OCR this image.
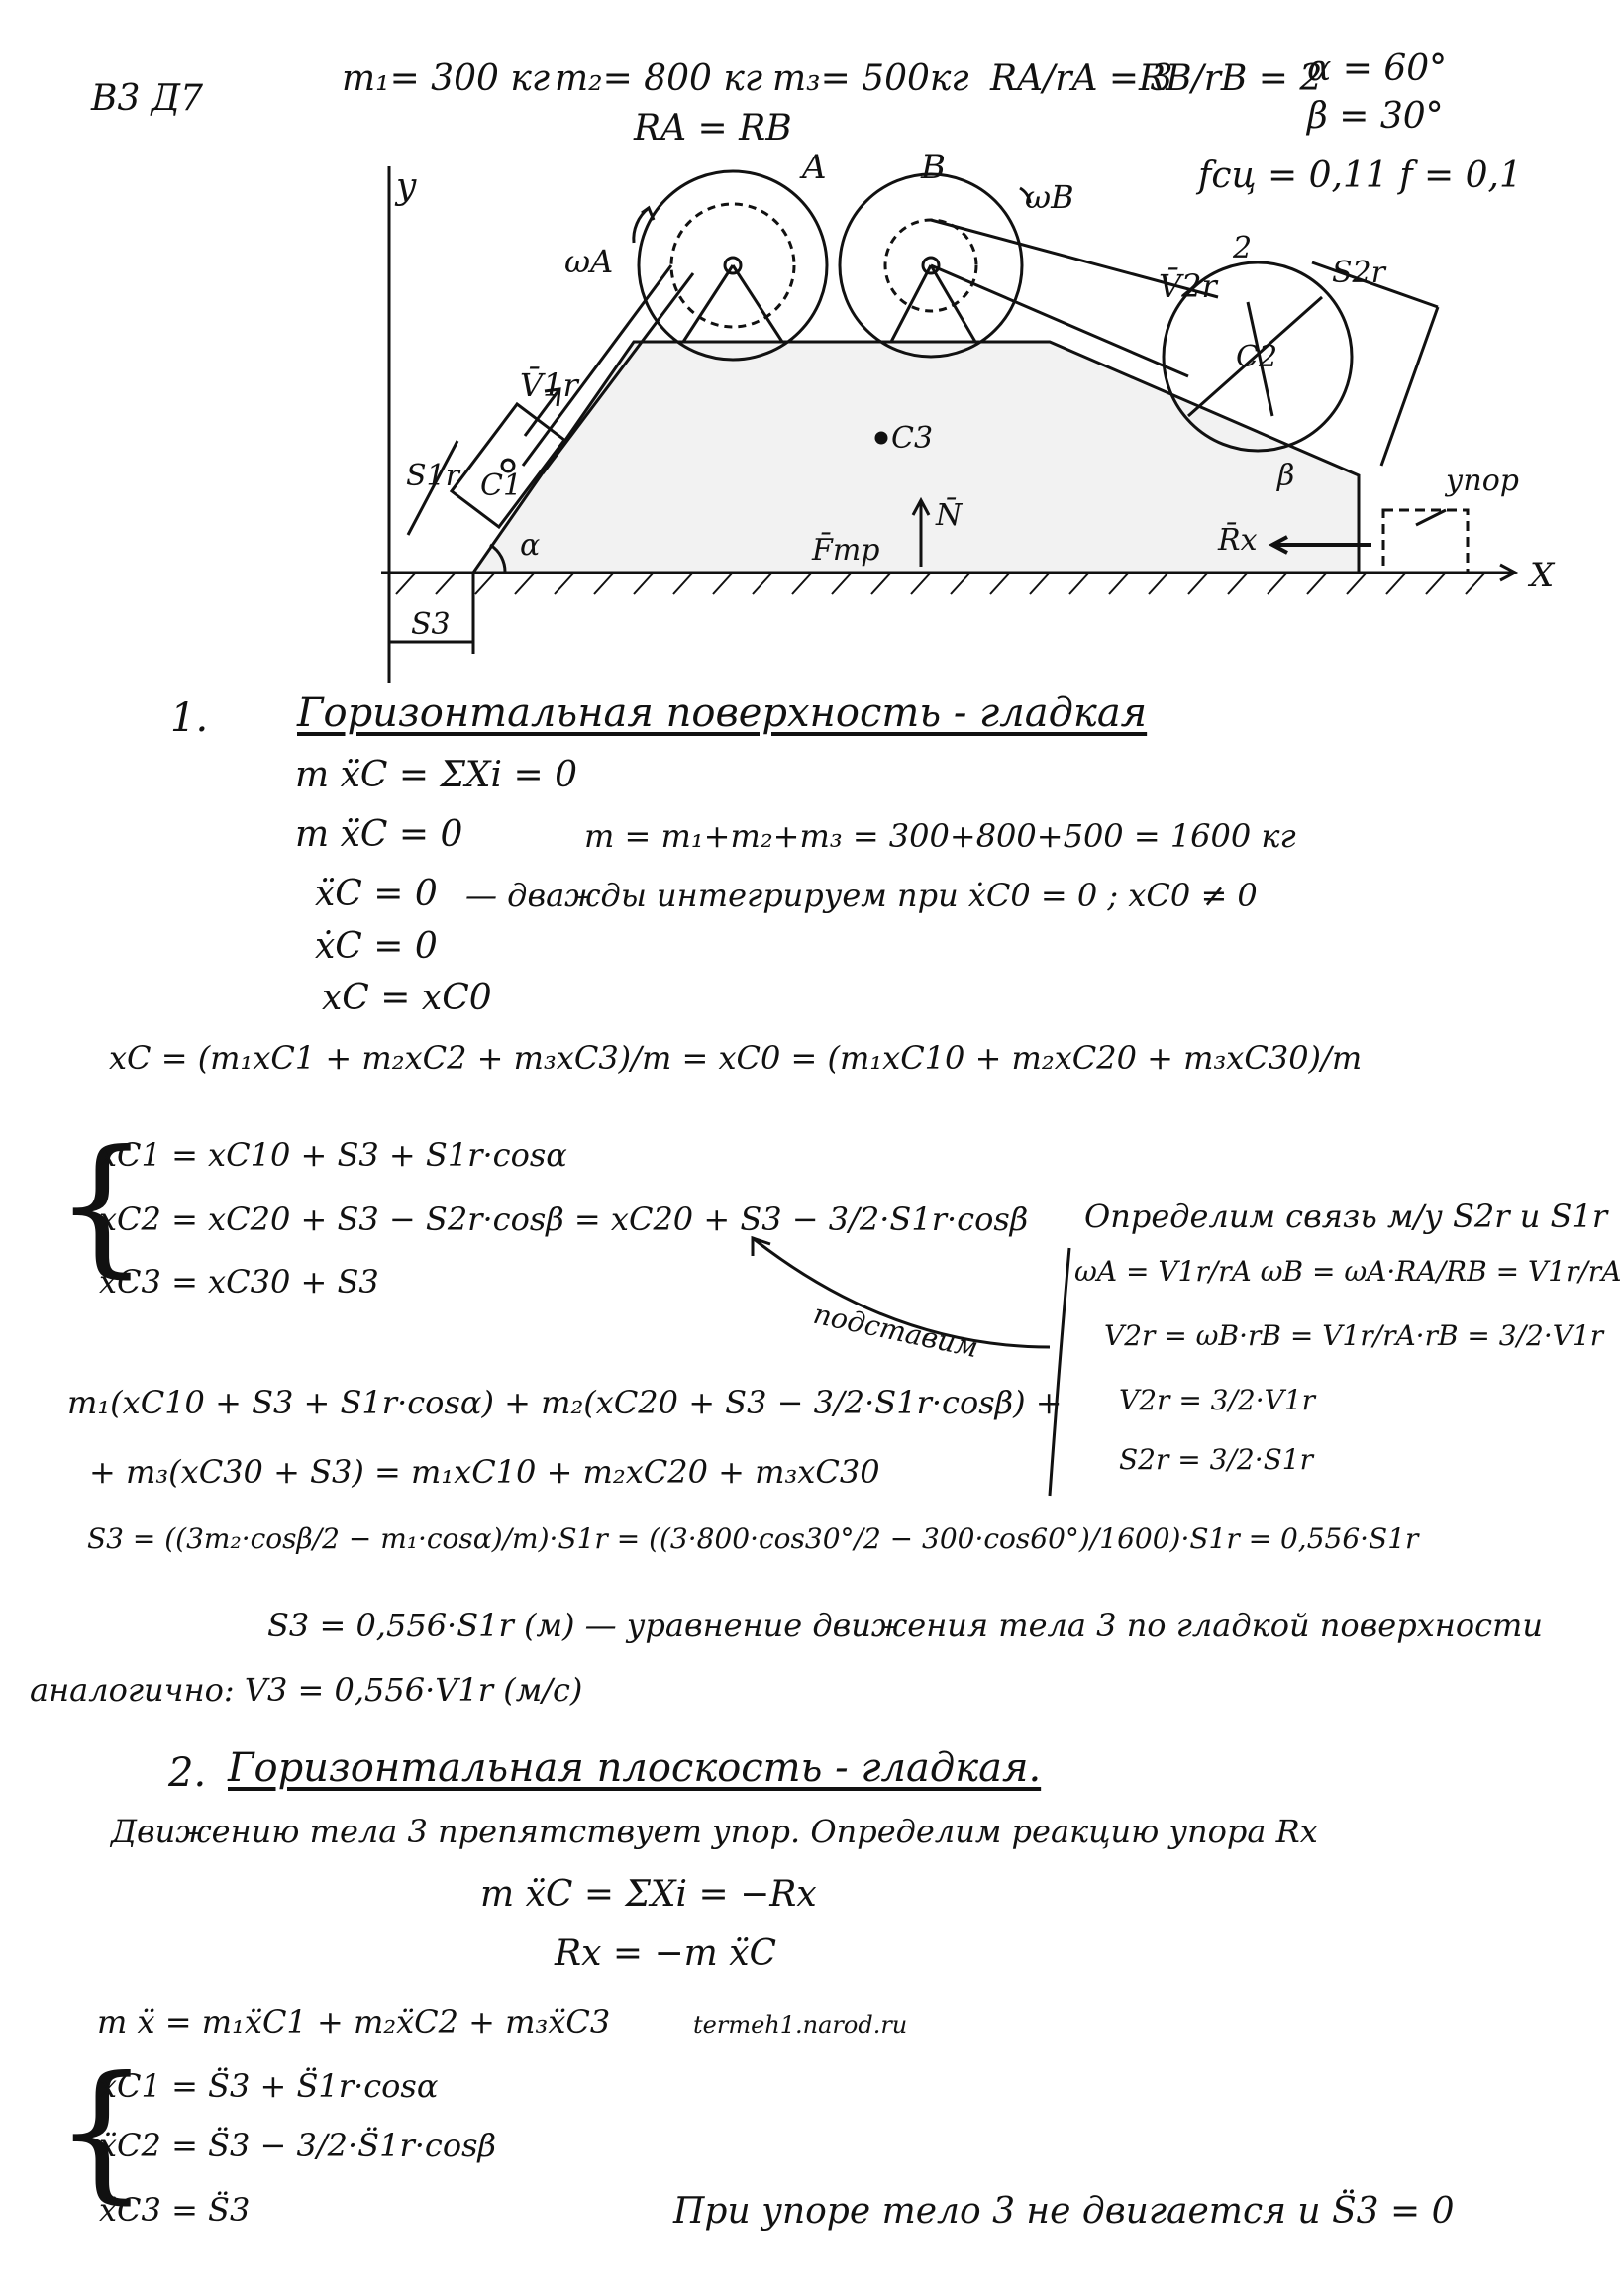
B3 Д7	m₁= 300 кг m₂= 800 кг m₃= 500кг RA/rA = 3
RB/rB = 2
α = 60°
β = 30°
RA = RB
fсц = 0,11 f = 0,1
y
X
A	B
ωA
ωB
V̄1r
V̄2r
S1r
S2r
S3
C1
C2
C3
2
α
β
F̄тр
N̄
R̄x
упор
1. Горизонтальная поверхность - гладкая
m ẍC = ΣXi = 0
m ẍC = 0	m = m₁+m₂+m₃ = 300+800+500 = 1600 кг
ẍC = 0 — дважды интегрируем при ẋC0 = 0 ; xC0 ≠ 0
ẋC = 0
xC = xC0
xC = (m₁xC1 + m₂xC2 + m₃xC3)/m = xC0 = (m₁xC10 + m₂xC20 + m₃xC30)/m
{
xC1 = xC10 + S3 + S1r·cosα
xC2 = xC20 + S3 − S2r·cosβ = xC20 + S3 − 3/2·S1r·cosβ
xC3 = xC30 + S3
Определим связь м/у S2r и S1r
ωA = V1r/rA ωB = ωA·RA/RB = V1r/rA
V2r = ωB·rB = V1r/rA·rB = 3/2·V1r
V2r = 3/2·V1r
S2r = 3/2·S1r
подставим
m₁(xC10 + S3 + S1r·cosα) + m₂(xC20 + S3 − 3/2·S1r·cosβ) +
+ m₃(xC30 + S3) = m₁xC10 + m₂xC20 + m₃xC30
S3 = ((3m₂·cosβ/2 − m₁·cosα)/m)·S1r = ((3·800·cos30°/2 − 300·cos60°)/1600)·S1r = 0,556·S1r
S3 = 0,556·S1r (м) — уравнение движения тела 3 по гладкой поверхности
аналогично: V3 = 0,556·V1r (м/с)
2. Горизонтальная плоскость - гладкая.
Движению тела 3 препятствует упор. Определим реакцию упора Rx
m ẍC = ΣXi = −Rx
Rx = −m ẍC
m ẍ = m₁ẍC1 + m₂ẍC2 + m₃ẍC3	termeh1.narod.ru
{
ẍC1 = S̈3 + S̈1r·cosα
ẍC2 = S̈3 − 3/2·S̈1r·cosβ
ẍC3 = S̈3	При упоре тело 3 не двигается и S̈3 = 0
